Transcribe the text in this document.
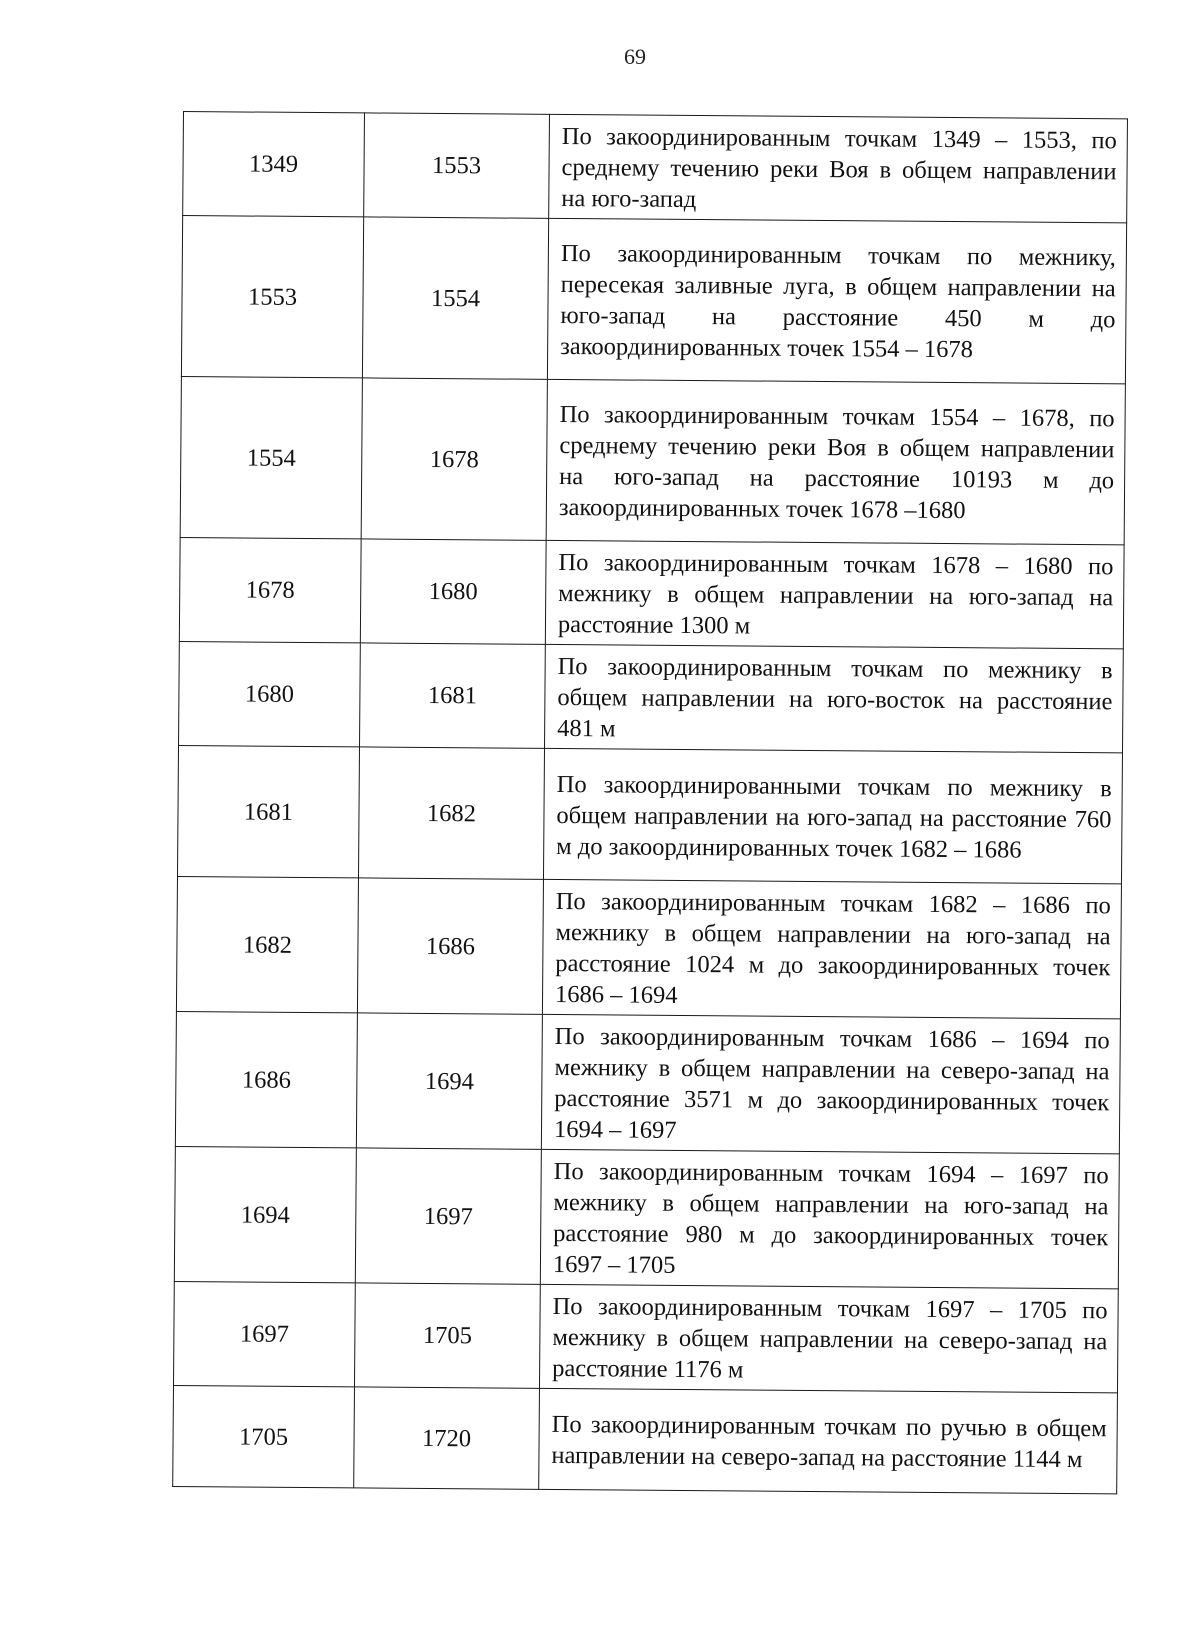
69
1349	1553	По закоординированным точкам 1349 – 1553, по среднему течению реки Воя в общем направлении на юго-запад
1553	1554	По закоординированным точкам по межнику, пересекая заливные луга, в общем направлении на юго-запад на расстояние 450 м до закоординированных точек 1554 – 1678
1554	1678	По закоординированным точкам 1554 – 1678, по среднему течению реки Воя в общем направлении на юго-запад на расстояние 10193 м до закоординированных точек 1678 –1680
1678	1680	По закоординированным точкам 1678 – 1680 по межнику в общем направлении на юго-запад на расстояние 1300 м
1680	1681	По закоординированным точкам по межнику в общем направлении на юго-восток на расстояние 481 м
1681	1682	По закоординированными точкам по межнику в общем направлении на юго-запад на расстояние 760 м до закоординированных точек 1682 – 1686
1682	1686	По закоординированным точкам 1682 – 1686 по межнику в общем направлении на юго-запад на расстояние 1024 м до закоординированных точек 1686 – 1694
1686	1694	По закоординированным точкам 1686 – 1694 по межнику в общем направлении на северо-запад на расстояние 3571 м до закоординированных точек 1694 – 1697
1694	1697	По закоординированным точкам 1694 – 1697 по межнику в общем направлении на юго-запад на расстояние 980 м до закоординированных точек 1697 – 1705
1697	1705	По закоординированным точкам 1697 – 1705 по межнику в общем направлении на северо-запад на расстояние 1176 м
1705	1720	По закоординированным точкам по ручью в общем направлении на северо-запад на расстояние 1144 м
